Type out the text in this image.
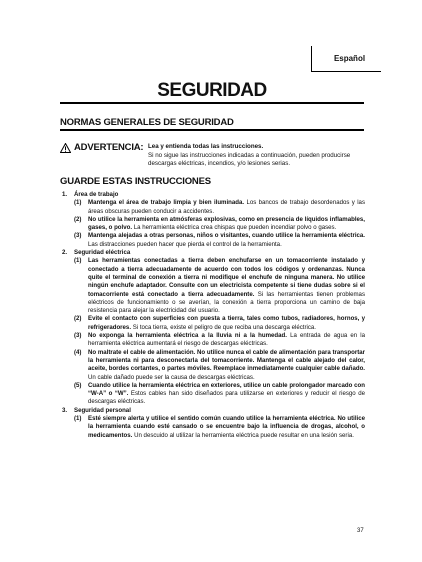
Español
SEGURIDAD
NORMAS GENERALES DE SEGURIDAD
ADVERTENCIA: Lea y entienda todas las instrucciones.
Si no sigue las instrucciones indicadas a continuación, pueden producirse descargas eléctricas, incendios, y/o lesiones serias.
GUARDE ESTAS INSTRUCCIONES
1. Área de trabajo
(1) Mantenga el área de trabajo limpia y bien iluminada. Los bancos de trabajo desordenados y las áreas obscuras pueden conducir a accidentes.
(2) No utilice la herramienta en atmósferas explosivas, como en presencia de líquidos inflamables, gases, o polvo. La herramienta eléctrica crea chispas que pueden incendiar polvo o gases.
(3) Mantenga alejadas a otras personas, niños o visitantes, cuando utilice la herramienta eléctrica. Las distracciones pueden hacer que pierda el control de la herramienta.
2. Seguridad eléctrica
(1) Las herramientas conectadas a tierra deben enchufarse en un tomacorriente instalado y conectado a tierra adecuadamente de acuerdo con todos los códigos y ordenanzas. Nunca quite el terminal de conexión a tierra ni modifique el enchufe de ninguna manera. No utilice ningún enchufe adaptador. Consulte con un electricista competente si tiene dudas sobre si el tomacorriente está conectado a tierra adecuadamente. Si las herramientas tienen problemas eléctricos de funcionamiento o se averían, la conexión a tierra proporciona un camino de baja resistencia para alejar la electricidad del usuario.
(2) Evite el contacto con superficies con puesta a tierra, tales como tubos, radiadores, hornos, y refrigeradores. Si toca tierra, existe el peligro de que reciba una descarga eléctrica.
(3) No exponga la herramienta eléctrica a la lluvia ni a la humedad. La entrada de agua en la herramienta eléctrica aumentará el riesgo de descargas eléctricas.
(4) No maltrate el cable de alimentación. No utilice nunca el cable de alimentación para transportar la herramienta ni para desconectarla del tomacorriente. Mantenga el cable alejado del calor, aceite, bordes cortantes, o partes móviles. Reemplace inmediatamente cualquier cable dañado. Un cable dañado puede ser la causa de descargas eléctricas.
(5) Cuando utilice la herramienta eléctrica en exteriores, utilice un cable prolongador marcado con “W-A” o “W”. Estos cables han sido diseñados para utilizarse en exteriores y reducir el riesgo de descargas eléctricas.
3. Seguridad personal
(1) Esté siempre alerta y utilice el sentido común cuando utilice la herramienta eléctrica. No utilice la herramienta cuando esté cansado o se encuentre bajo la influencia de drogas, alcohol, o medicamentos. Un descuido al utilizar la herramienta eléctrica puede resultar en una lesión seria.
37
